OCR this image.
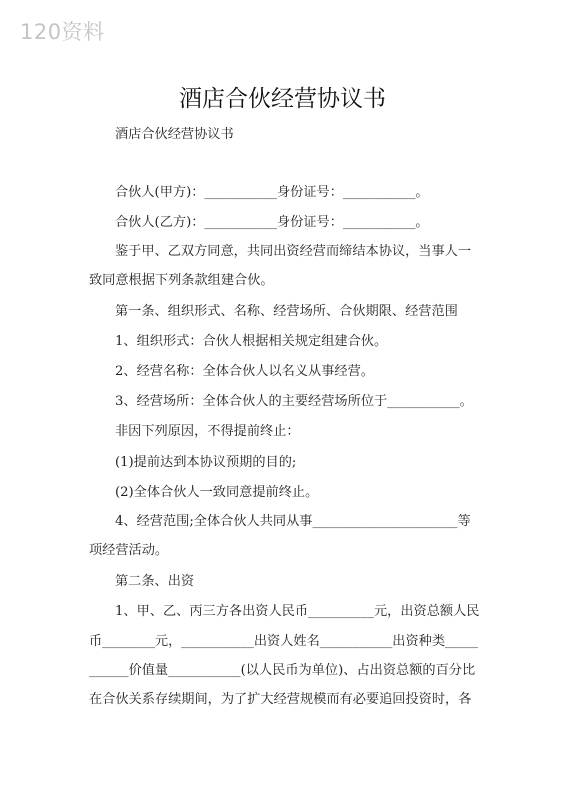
120资料
酒店合伙经营协议书
酒店合伙经营协议书
合伙人(甲方)：___________身份证号：___________。
合伙人(乙方)：___________身份证号：___________。
鉴于甲、乙双方同意，共同出资经营而缔结本协议，当事人一
致同意根据下列条款组建合伙。
第一条、组织形式、名称、经营场所、合伙期限、经营范围
1、组织形式：合伙人根据相关规定组建合伙。
2、经营名称：全体合伙人以名义从事经营。
3、经营场所：全体合伙人的主要经营场所位于___________。
非因下列原因，不得提前终止：
(1)提前达到本协议预期的目的;
(2)全体合伙人一致同意提前终止。
4、经营范围;全体合伙人共同从事______________________等
项经营活动。
第二条、出资
1、甲、乙、丙三方各出资人民币__________元，出资总额人民
币________元，___________出资人姓名___________出资种类_____
______价值量___________(以人民币为单位)、占出资总额的百分比
在合伙关系存续期间，为了扩大经营规模而有必要追回投资时，各
